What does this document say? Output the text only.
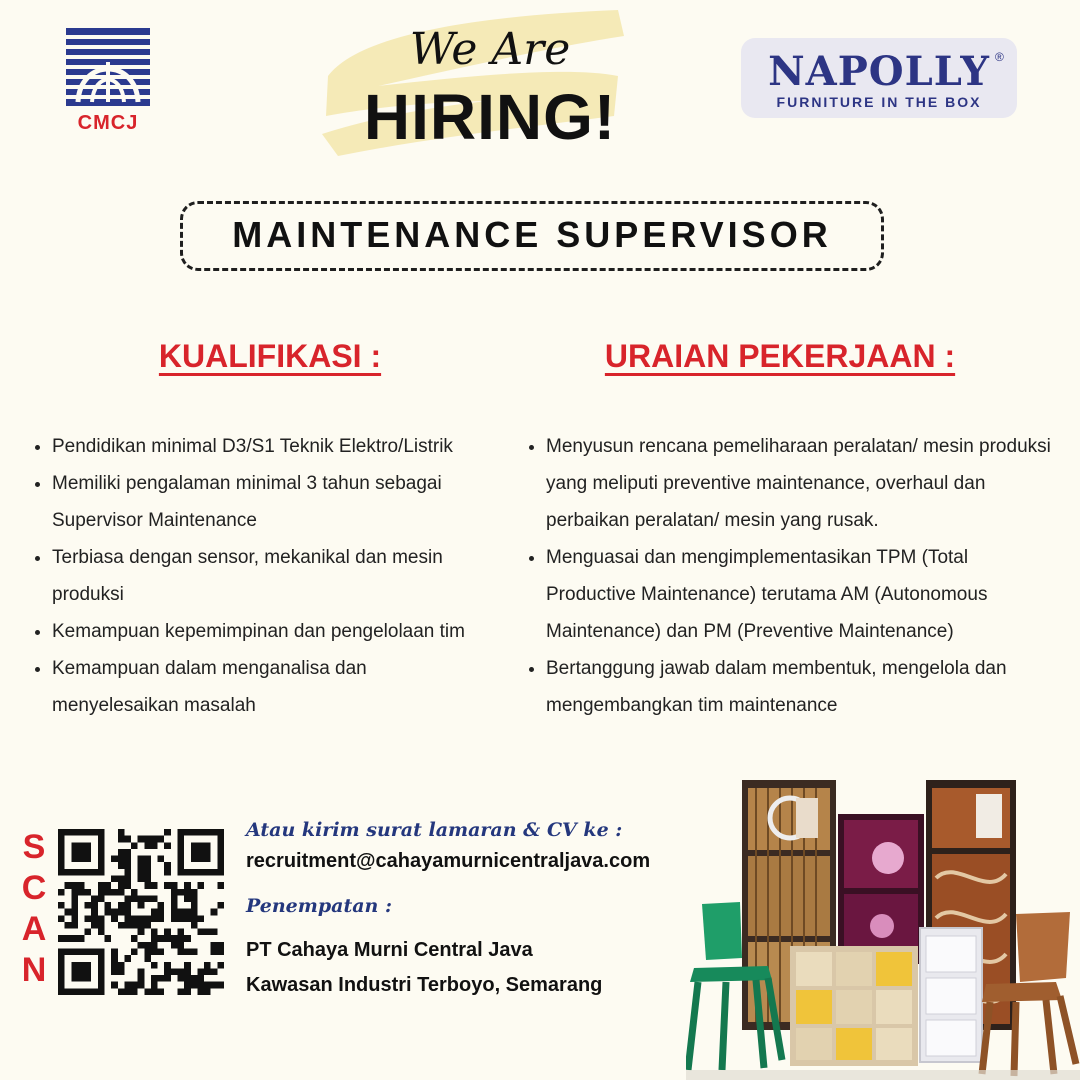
CMCJ
We Are
HIRING!
NAPOLLY ®
FURNITURE IN THE BOX
MAINTENANCE SUPERVISOR
KUALIFIKASI :	URAIAN PEKERJAAN :
• Pendidikan minimal D3/S1 Teknik Elektro/Listrik
• Memiliki pengalaman minimal 3 tahun sebagai Supervisor Maintenance
• Terbiasa dengan sensor, mekanikal dan mesin produksi
• Kemampuan kepemimpinan dan pengelolaan tim
• Kemampuan dalam menganalisa dan menyelesaikan masalah
• Menyusun rencana pemeliharaan peralatan/ mesin produksi yang meliputi preventive maintenance, overhaul dan perbaikan peralatan/ mesin yang rusak.
• Menguasai dan mengimplementasikan TPM (Total Productive Maintenance) terutama AM (Autonomous Maintenance) dan PM (Preventive Maintenance)
• Bertanggung jawab dalam membentuk, mengelola dan mengembangkan tim maintenance
S
C
A
N
Atau kirim surat lamaran & CV ke :
recruitment@cahayamurnicentraljava.com
Penempatan :
PT Cahaya Murni Central Java
Kawasan Industri Terboyo, Semarang
